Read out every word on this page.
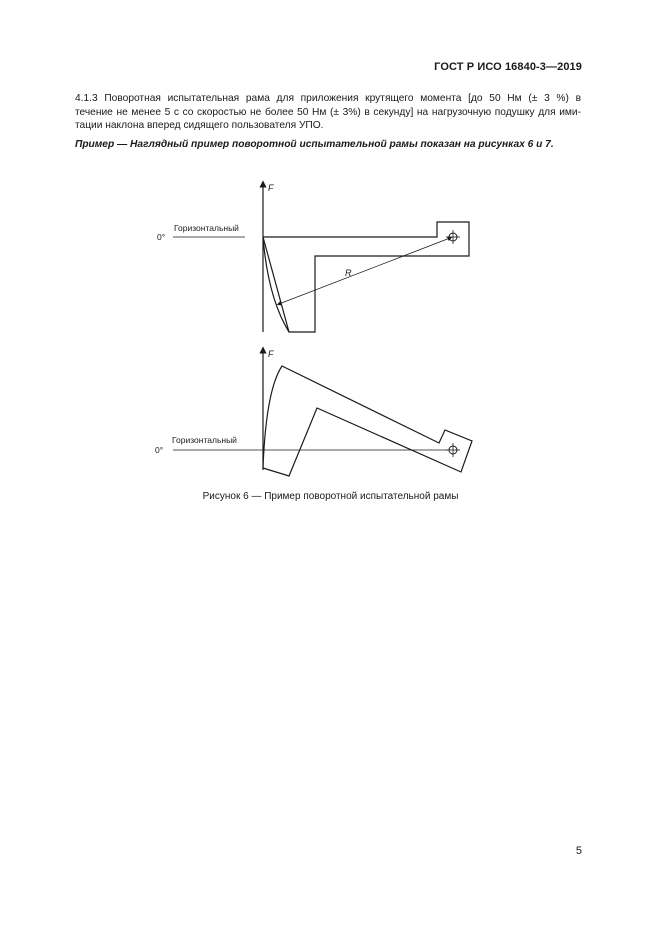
ГОСТ Р ИСО 16840-3—2019
4.1.3 Поворотная испытательная рама для приложения крутящего момента [до 50 Нм (± 3 %) в
течение не менее 5 с со скоростью не более 50 Нм (± 3%) в секунду] на нагрузочную подушку для ими-
тации наклона вперед сидящего пользователя УПО.
Пример — Наглядный пример поворотной испытательной рамы показан на рисунках 6 и 7.
F
Горизонтальный
0°
R
F
Горизонтальный
0°
Рисунок 6 — Пример поворотной испытательной рамы
5
